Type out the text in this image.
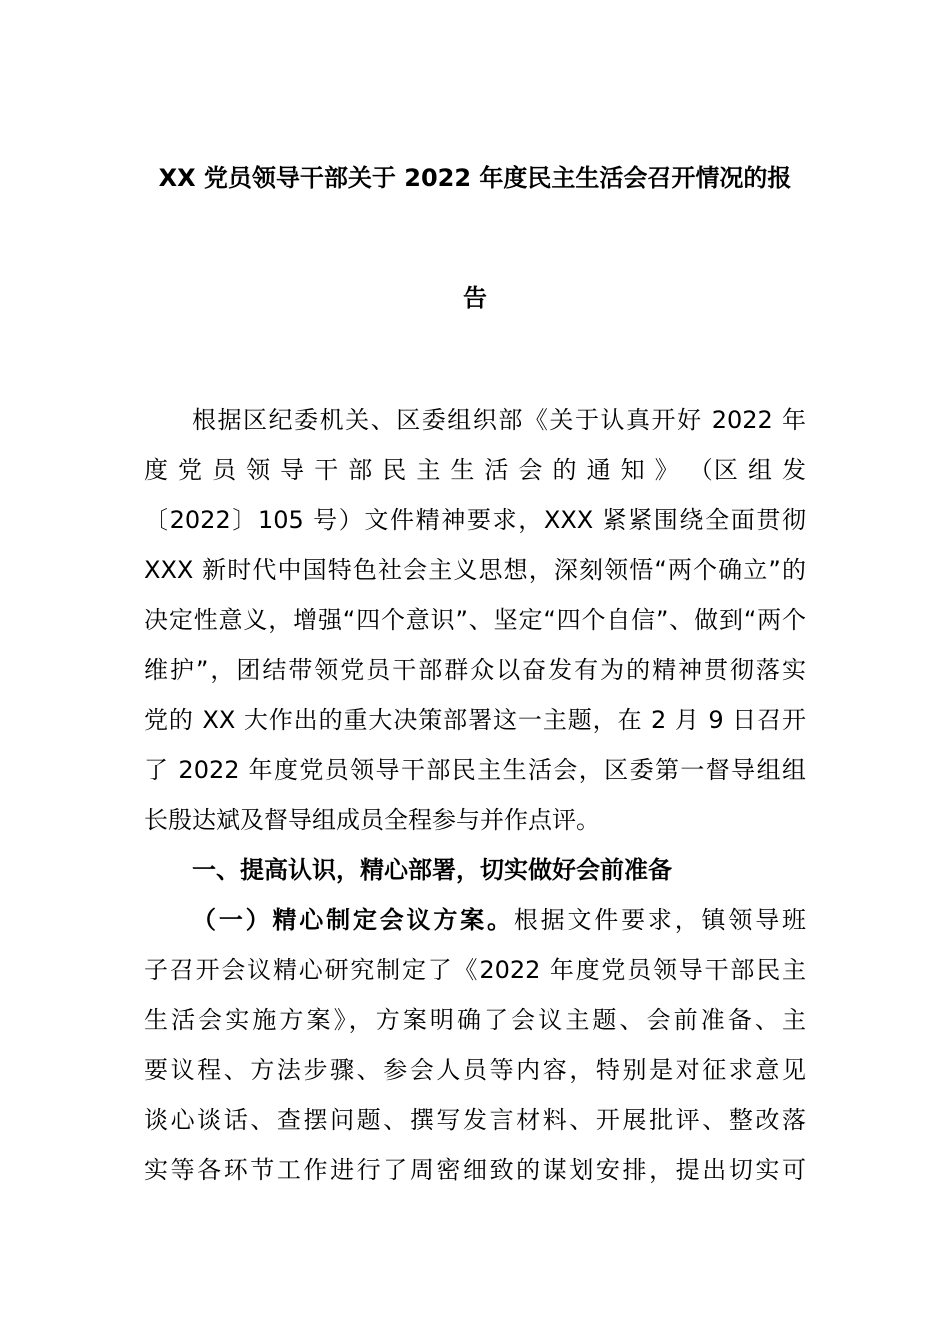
XX 党员领导干部关于 2022 年度民主生活会召开情况的报
告
根据区纪委机关、区委组织部《关于认真开好 2022 年
度 党 员 领 导 干 部 民 主 生 活 会 的 通 知 》 （区 组 发
〔2022〕105 号）文件精神要求，XXX 紧紧围绕全面贯彻
XXX 新时代中国特色社会主义思想，深刻领悟“两个确立”的
决定性意义，增强“四个意识”、坚定“四个自信”、做到“两个
维护”，团结带领党员干部群众以奋发有为的精神贯彻落实
党的 XX 大作出的重大决策部署这一主题，在 2 月 9 日召开
了 2022 年度党员领导干部民主生活会，区委第一督导组组
长殷达斌及督导组成员全程参与并作点评。
一、提高认识，精心部署，切实做好会前准备
（一）精心制定会议方案。根据文件要求，镇领导班
子召开会议精心研究制定了《2022 年度党员领导干部民主
生活会实施方案》，方案明确了会议主题、会前准备、主
要议程、方法步骤、参会人员等内容，特别是对征求意见
谈心谈话、查摆问题、撰写发言材料、开展批评、整改落
实等各环节工作进行了周密细致的谋划安排，提出切实可
